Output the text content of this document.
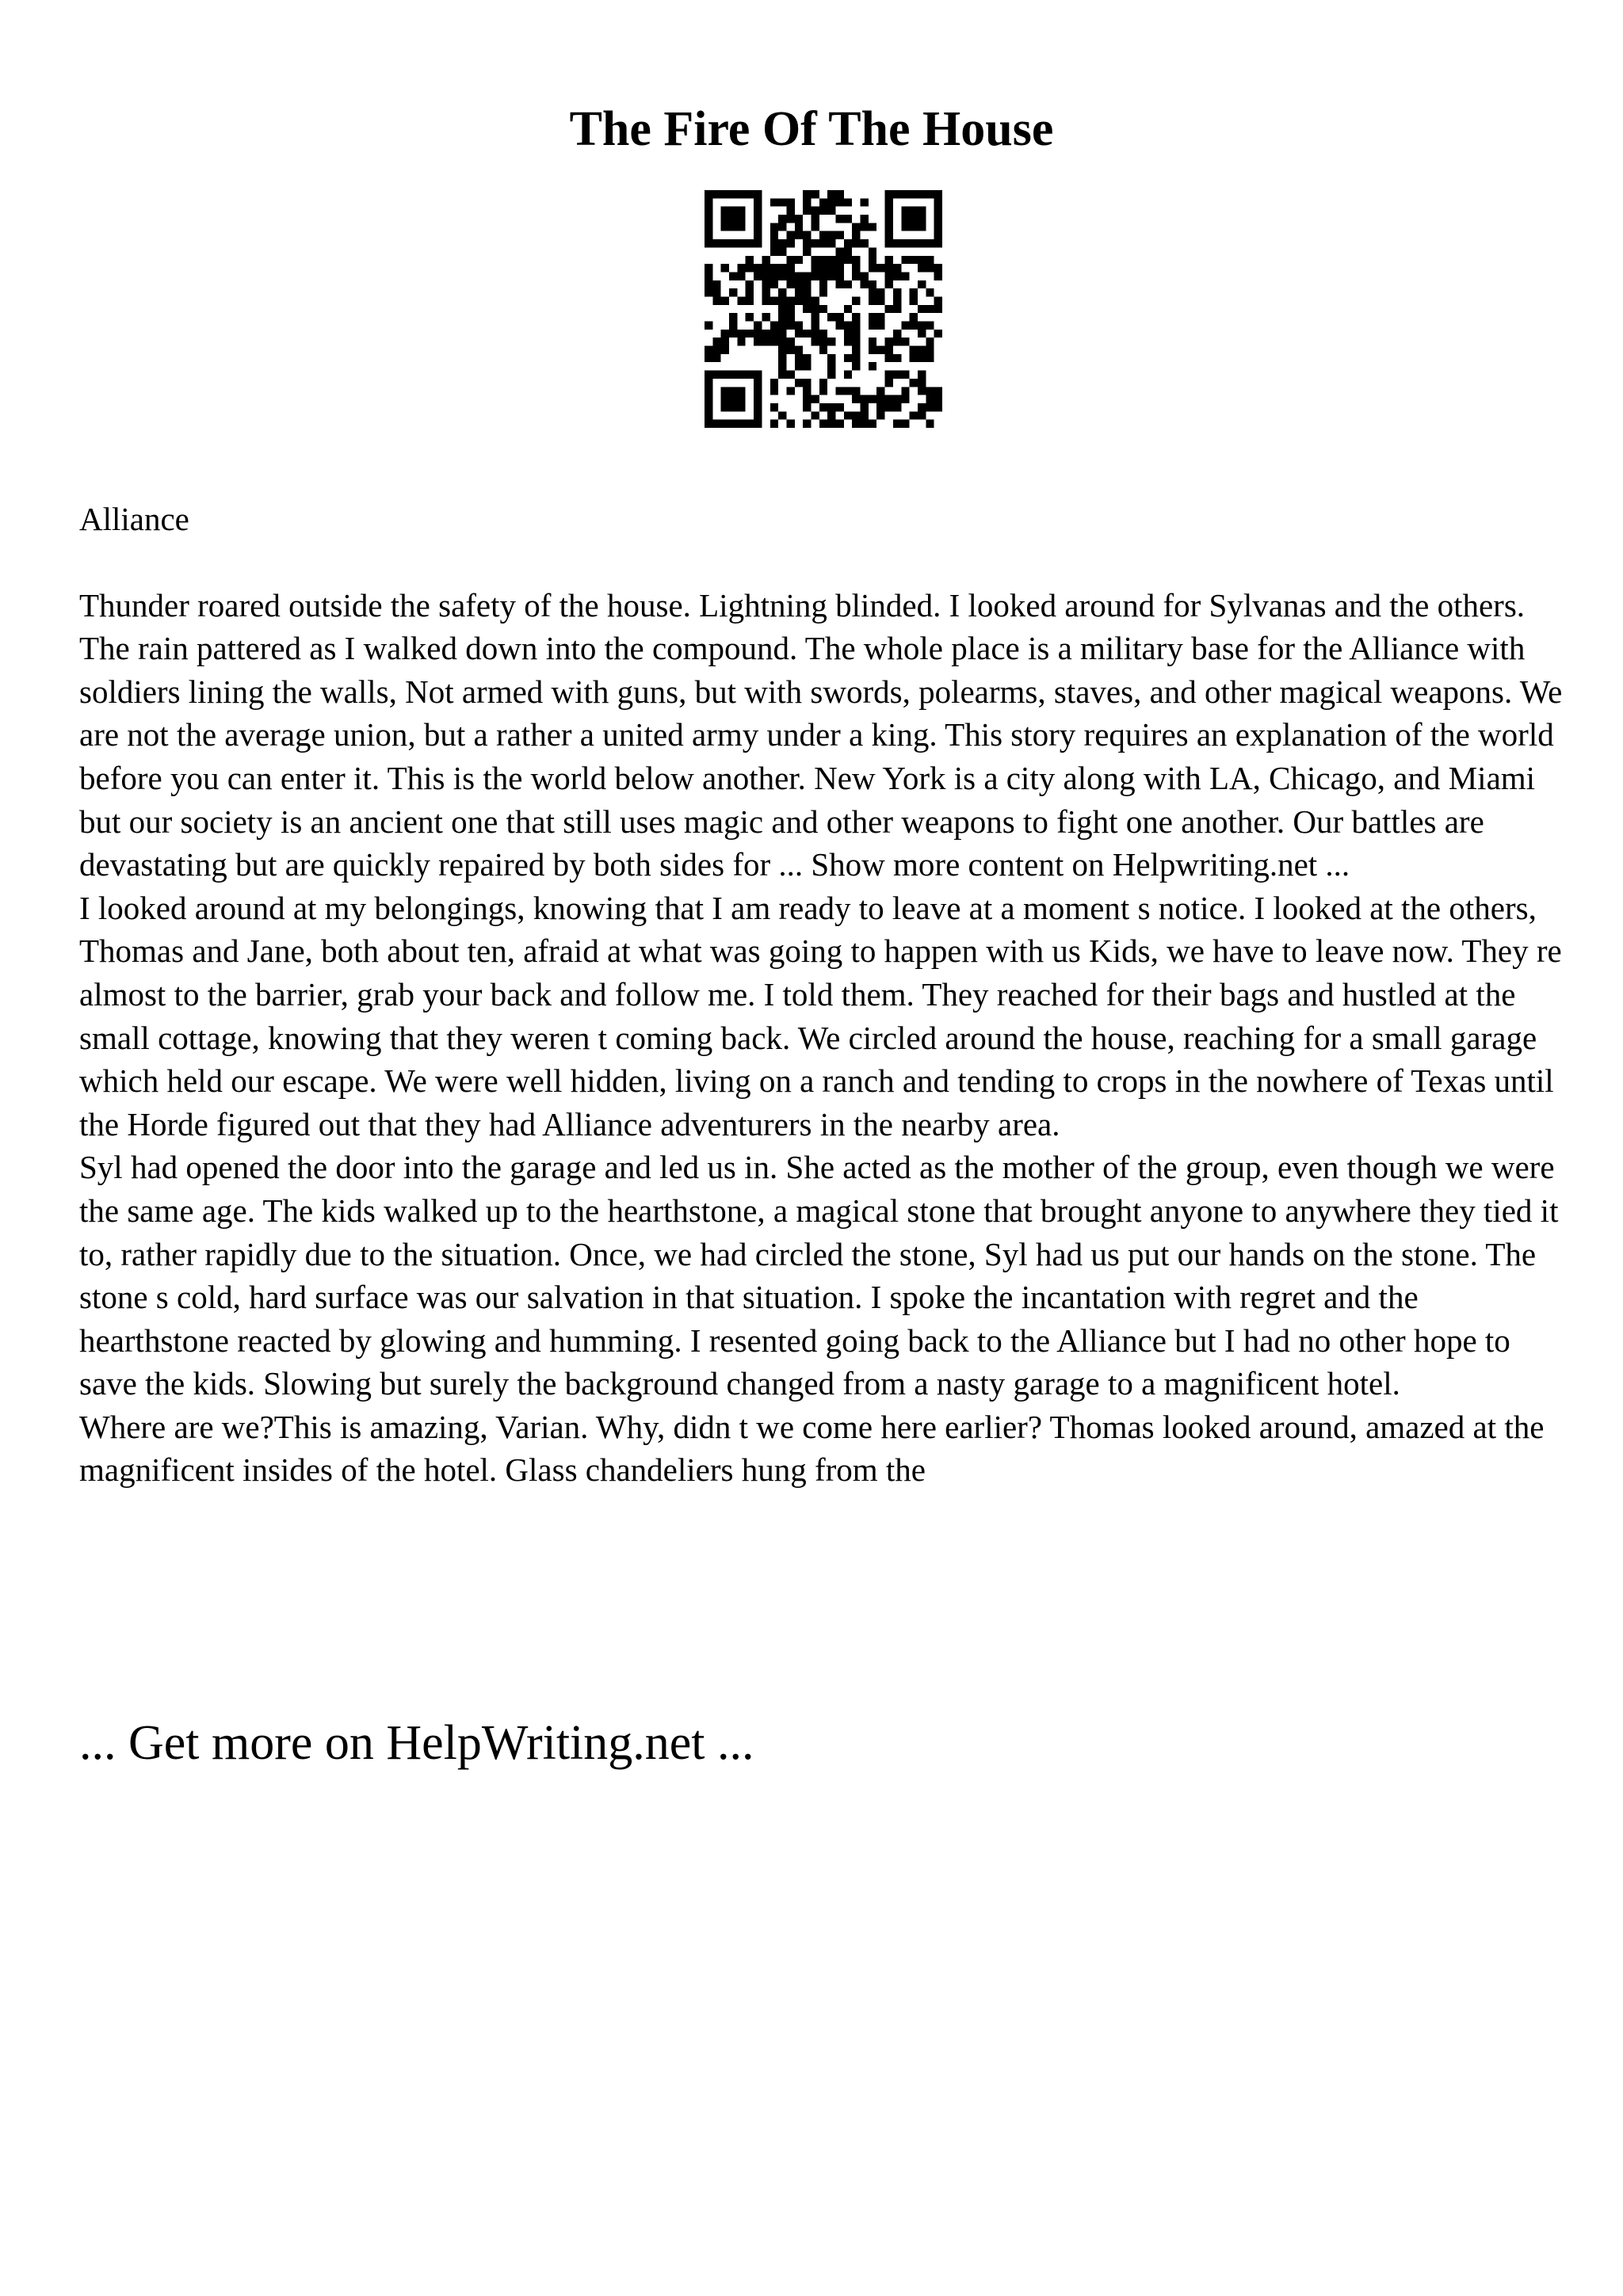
The Fire Of The House

Alliance

Thunder roared outside the safety of the house. Lightning blinded. I looked around for Sylvanas and the others. The rain pattered as I walked down into the compound. The whole place is a military base for the Alliance with soldiers lining the walls, Not armed with guns, but with swords, polearms, staves, and other magical weapons. We are not the average union, but a rather a united army under a king. This story requires an explanation of the world before you can enter it. This is the world below another. New York is a city along with LA, Chicago, and Miami but our society is an ancient one that still uses magic and other weapons to fight one another. Our battles are devastating but are quickly repaired by both sides for ... Show more content on Helpwriting.net ...

I looked around at my belongings, knowing that I am ready to leave at a moment s notice. I looked at the others, Thomas and Jane, both about ten, afraid at what was going to happen with us Kids, we have to leave now. They re almost to the barrier, grab your back and follow me. I told them. They reached for their bags and hustled at the small cottage, knowing that they weren t coming back. We circled around the house, reaching for a small garage which held our escape. We were well hidden, living on a ranch and tending to crops in the nowhere of Texas until the Horde figured out that they had Alliance adventurers in the nearby area.

Syl had opened the door into the garage and led us in. She acted as the mother of the group, even though we were the same age. The kids walked up to the hearthstone, a magical stone that brought anyone to anywhere they tied it to, rather rapidly due to the situation. Once, we had circled the stone, Syl had us put our hands on the stone. The stone s cold, hard surface was our salvation in that situation. I spoke the incantation with regret and the hearthstone reacted by glowing and humming. I resented going back to the Alliance but I had no other hope to save the kids. Slowing but surely the background changed from a nasty garage to a magnificent hotel.

Where are we?This is amazing, Varian. Why, didn t we come here earlier? Thomas looked around, amazed at the magnificent insides of the hotel. Glass chandeliers hung from the

... Get more on HelpWriting.net ...
